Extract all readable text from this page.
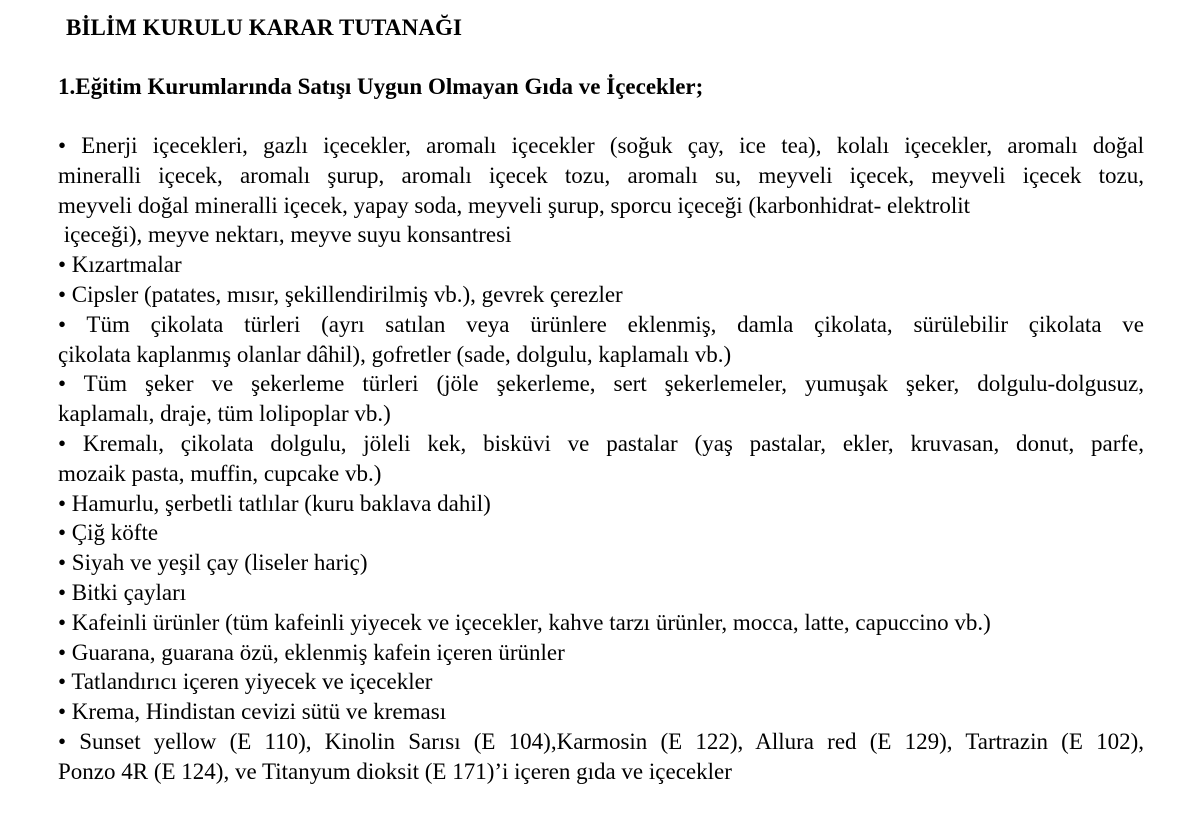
BİLİM KURULU KARAR TUTANAĞI
1.Eğitim Kurumlarında Satışı Uygun Olmayan Gıda ve İçecekler;
• Enerji içecekleri, gazlı içecekler, aromalı içecekler (soğuk çay, ice tea), kolalı içecekler, aromalı doğal
mineralli içecek, aromalı şurup, aromalı içecek tozu, aromalı su, meyveli içecek, meyveli içecek tozu,
meyveli doğal mineralli içecek, yapay soda, meyveli şurup, sporcu içeceği (karbonhidrat- elektrolit
içeceği), meyve nektarı, meyve suyu konsantresi
• Kızartmalar
• Cipsler (patates, mısır, şekillendirilmiş vb.), gevrek çerezler
• Tüm çikolata türleri (ayrı satılan veya ürünlere eklenmiş, damla çikolata, sürülebilir çikolata ve
çikolata kaplanmış olanlar dâhil), gofretler (sade, dolgulu, kaplamalı vb.)
• Tüm şeker ve şekerleme türleri (jöle şekerleme, sert şekerlemeler, yumuşak şeker, dolgulu-dolgusuz,
kaplamalı, draje, tüm lolipoplar vb.)
• Kremalı, çikolata dolgulu, jöleli kek, bisküvi ve pastalar (yaş pastalar, ekler, kruvasan, donut, parfe,
mozaik pasta, muffin, cupcake vb.)
• Hamurlu, şerbetli tatlılar (kuru baklava dahil)
• Çiğ köfte
• Siyah ve yeşil çay (liseler hariç)
• Bitki çayları
• Kafeinli ürünler (tüm kafeinli yiyecek ve içecekler, kahve tarzı ürünler, mocca, latte, capuccino vb.)
• Guarana, guarana özü, eklenmiş kafein içeren ürünler
• Tatlandırıcı içeren yiyecek ve içecekler
• Krema, Hindistan cevizi sütü ve kreması
• Sunset yellow (E 110), Kinolin Sarısı (E 104),Karmosin (E 122), Allura red (E 129), Tartrazin (E 102),
Ponzo 4R (E 124), ve Titanyum dioksit (E 171)’i içeren gıda ve içecekler
